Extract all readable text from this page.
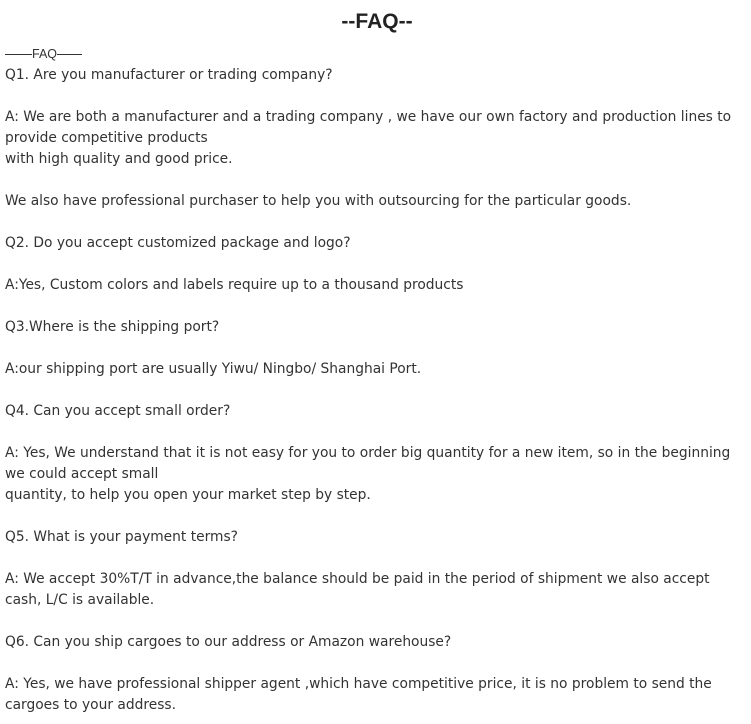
--FAQ--
FAQ

Q1. Are you manufacturer or trading company?

A: We are both a manufacturer and a trading company , we have our own factory and production lines to provide competitive products

with high quality and good price.

We also have professional purchaser to help you with outsourcing for the particular goods.

Q2. Do you accept customized package and logo?

A:Yes, Custom colors and labels require up to a thousand products

Q3.Where is the shipping port?

A:our shipping port are usually Yiwu/ Ningbo/ Shanghai Port.

Q4. Can you accept small order?

A: Yes, We understand that it is not easy for you to order big quantity for a new item, so in the beginning we could accept small

quantity, to help you open your market step by step.

Q5. What is your payment terms?

A: We accept 30%T/T in advance,the balance should be paid in the period of shipment we also accept cash, L/C is available.

Q6. Can you ship cargoes to our address or Amazon warehouse?

A: Yes, we have professional shipper agent ,which have competitive price, it is no problem to send the cargoes to your address.
